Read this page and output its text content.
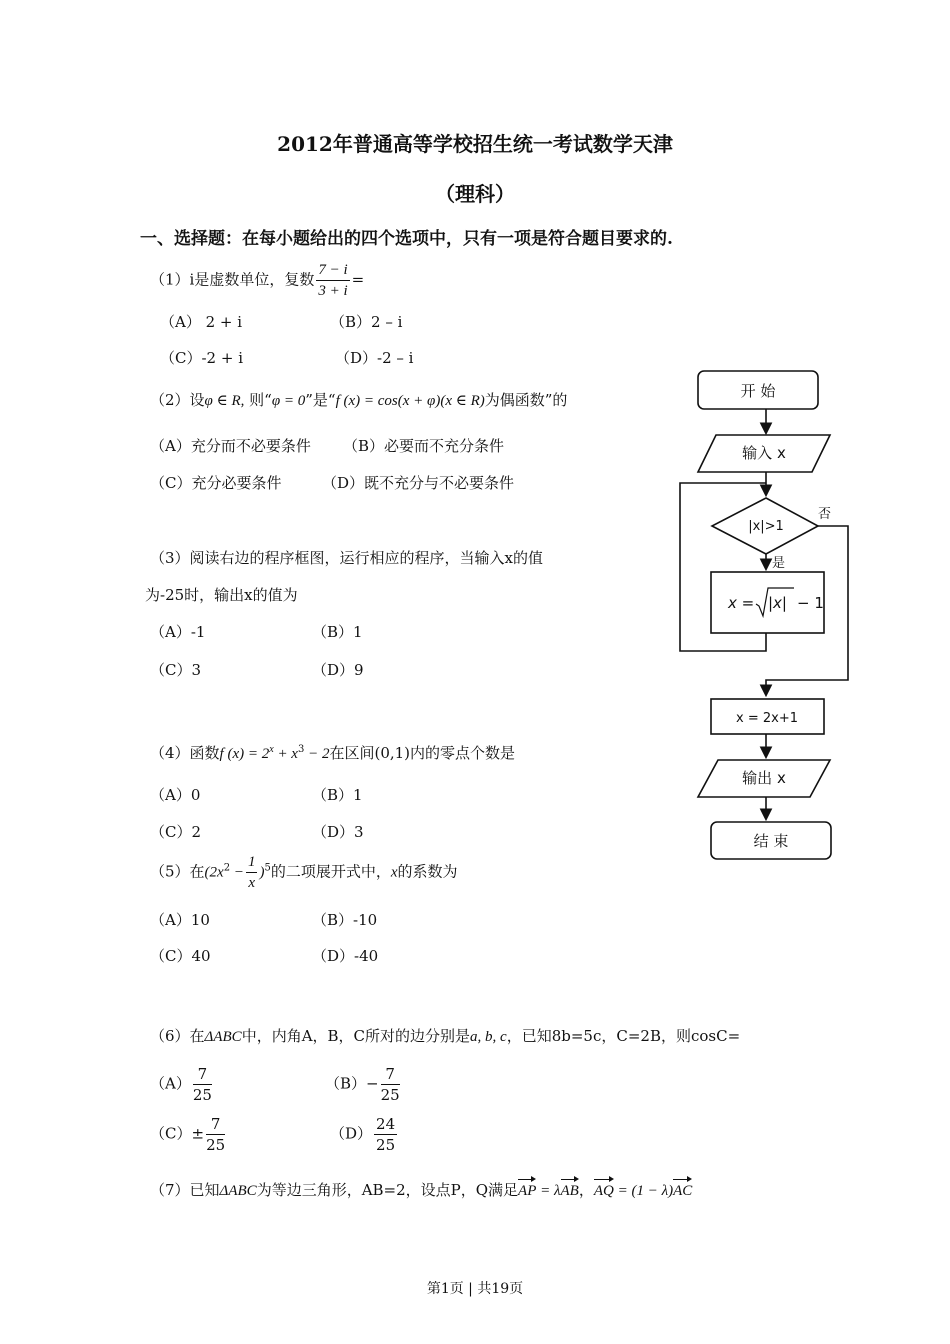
2012年普通高等学校招生统一考试数学天津
（理科）
一、选择题：在每小题给出的四个选项中，只有一项是符合题目要求的.
（1）i是虚数单位，复数 $\frac{7 - i}{3 + i}$ =
（A） 2 + i	（B）2 – i
（C）-2 + i	（D）-2 – i
（2）设φ ∈ R, 则“φ = 0”是“f (x) = cos(x + φ)(x ∈ R)为偶函数”的
（A）充分而不必要条件 （B）必要而不充分条件
（C）充分必要条件	（D）既不充分与不必要条件
（3）阅读右边的程序框图，运行相应的程序，当输入x的值
为-25时，输出x的值为
（A）-1	（B）1
（C）3	（D）9
（4）函数f $(x) = 2^x + x^3 - 2$在区间(0,1)内的零点个数是
（A）0	（B）1
（C）2	（D）3
（5）在$(2x^2 - \frac{1}{x} )^5$的二项展开式中，x的系数为
（A）10	（B）-10
（C）40	（D）-40
（6）在ΔABC中，内角A，B，C所对的边分别是a, b, c，已知8b=5c，C=2B，则cosC=
$(A) \frac{7}{25}$	$(B)- \frac{7}{25}$
$(C)\pm \frac{7}{25}$	$(D) \frac{24}{25}$
（7）已知ΔABC为等边三角形，AB=2，设点P，Q满足AP = λAB，AQ = (1 − λ)AC
开 始
输入 x
|x|>1
否
是
x = |x| − 1
x = 2x+1
输出 x
结 束
第1页 | 共19页
